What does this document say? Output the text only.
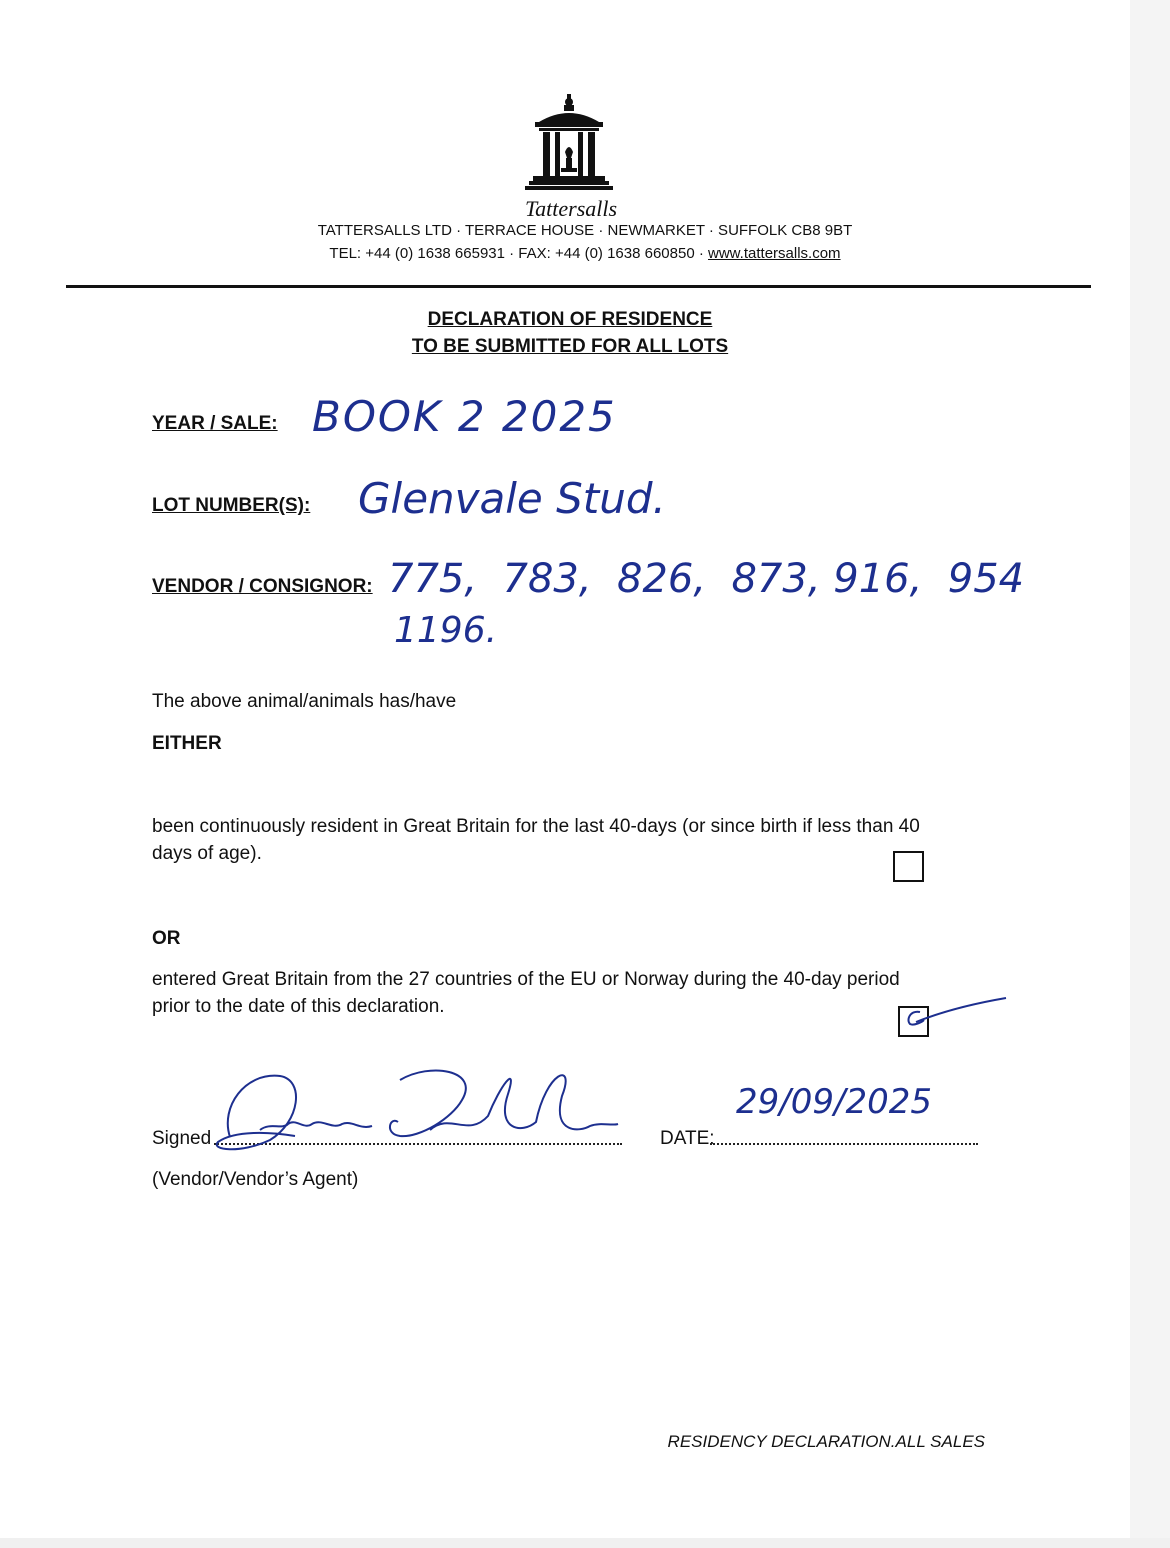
Tattersalls
TATTERSALLS LTD · TERRACE HOUSE · NEWMARKET · SUFFOLK CB8 9BT
TEL: +44 (0) 1638 665931 · FAX: +44 (0) 1638 660850 · www.tattersalls.com
DECLARATION OF RESIDENCE
TO BE SUBMITTED FOR ALL LOTS
YEAR / SALE: BOOK 2 2025
LOT NUMBER(S): Glenvale Stud.
VENDOR / CONSIGNOR: 775,  783,  826,  873, 916,  954
1196.
The above animal/animals has/have
EITHER
been continuously resident in Great Britain for the last 40-days (or since birth if less than 40
days of age).
OR
entered Great Britain from the 27 countries of the EU or Norway during the 40-day period
prior to the date of this declaration.
Signed	DATE:
29/09/2025
(Vendor/Vendor’s Agent)
RESIDENCY DECLARATION.ALL SALES
